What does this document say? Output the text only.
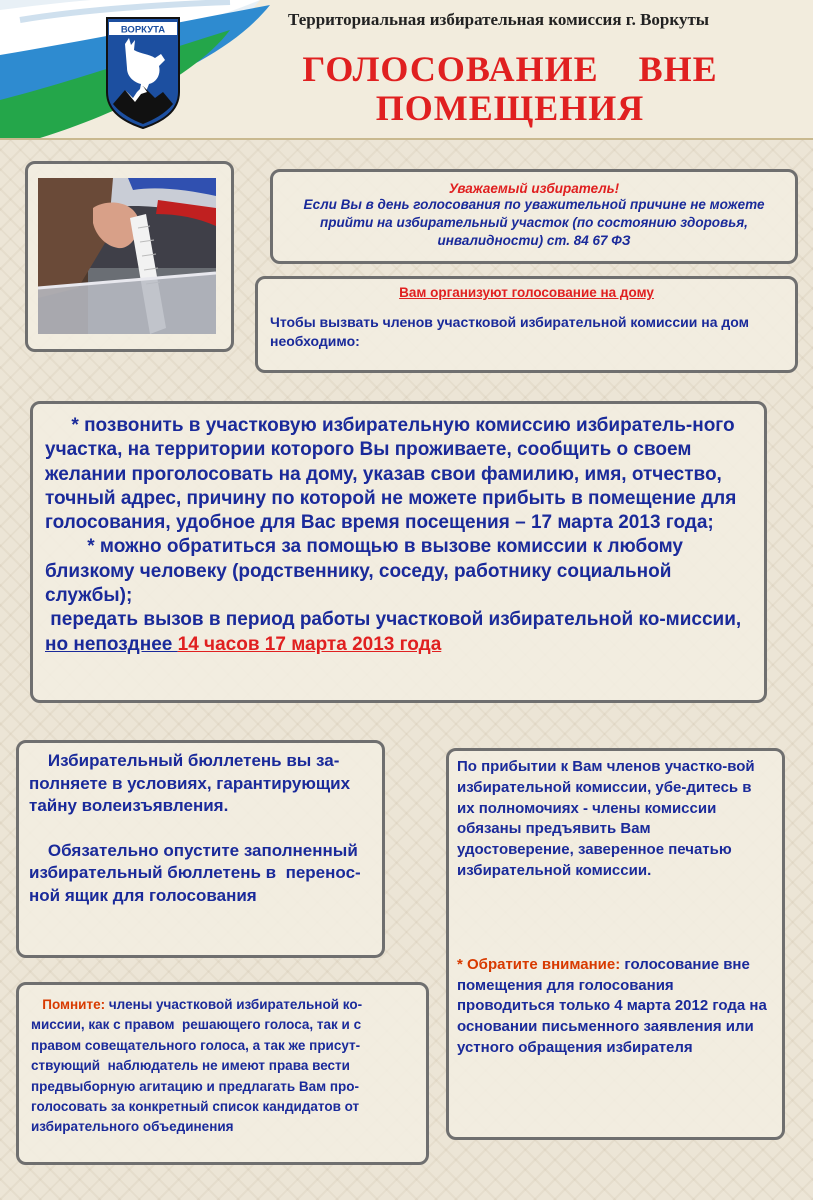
ВОРКУТА
Территориальная избирательная комиссия г. Воркуты
ГОЛОСОВАНИЕ    ВНЕ
ПОМЕЩЕНИЯ
Уважаемый избиратель!
Если Вы в день голосования по уважительной причине не можете прийти на избирательный участок (по состоянию здоровья, инвалидности) ст. 84 67 ФЗ
Вам организуют голосование на дому
Чтобы вызвать членов участковой избирательной комиссии на дом необходимо:

* позвонить в участковую избирательную комиссию избиратель-ного участка, на территории которого Вы проживаете, сообщить о своем желании проголосовать на дому, указав свои фамилию, имя, отчество, точный адрес, причину по которой не можете прибыть в помещение для голосования, удобное для Вас время посещения – 17 марта 2013 года;

* можно обратиться за помощью в вызове комиссии к любому близкому человеку (родственнику, соседу, работнику социальной службы);

передать вызов в период работы участковой избирательной ко-миссии, но непозднее 14 часов 17 марта 2013 года

Избирательный бюллетень вы за-полняете в условиях, гарантирующих тайну волеизъявления.

Обязательно опустите заполненный избирательный бюллетень в  перенос-ной ящик для голосования

Помните: члены участковой избирательной ко-миссии, как с правом  решающего голоса, так и с правом совещательного голоса, а так же присут-ствующий  наблюдатель не имеют права вести предвыборную агитацию и предлагать Вам про-голосовать за конкретный список кандидатов от избирательного объединения

По прибытии к Вам членов участко-вой избирательной комиссии, убе-дитесь в их полномочиях - члены комиссии обязаны предъявить Вам удостоверение, заверенное печатью избирательной комиссии.

* Обратите внимание: голосование вне помещения для голосования проводиться только 4 марта 2012 года на основании письменного заявления или устного обращения избирателя
